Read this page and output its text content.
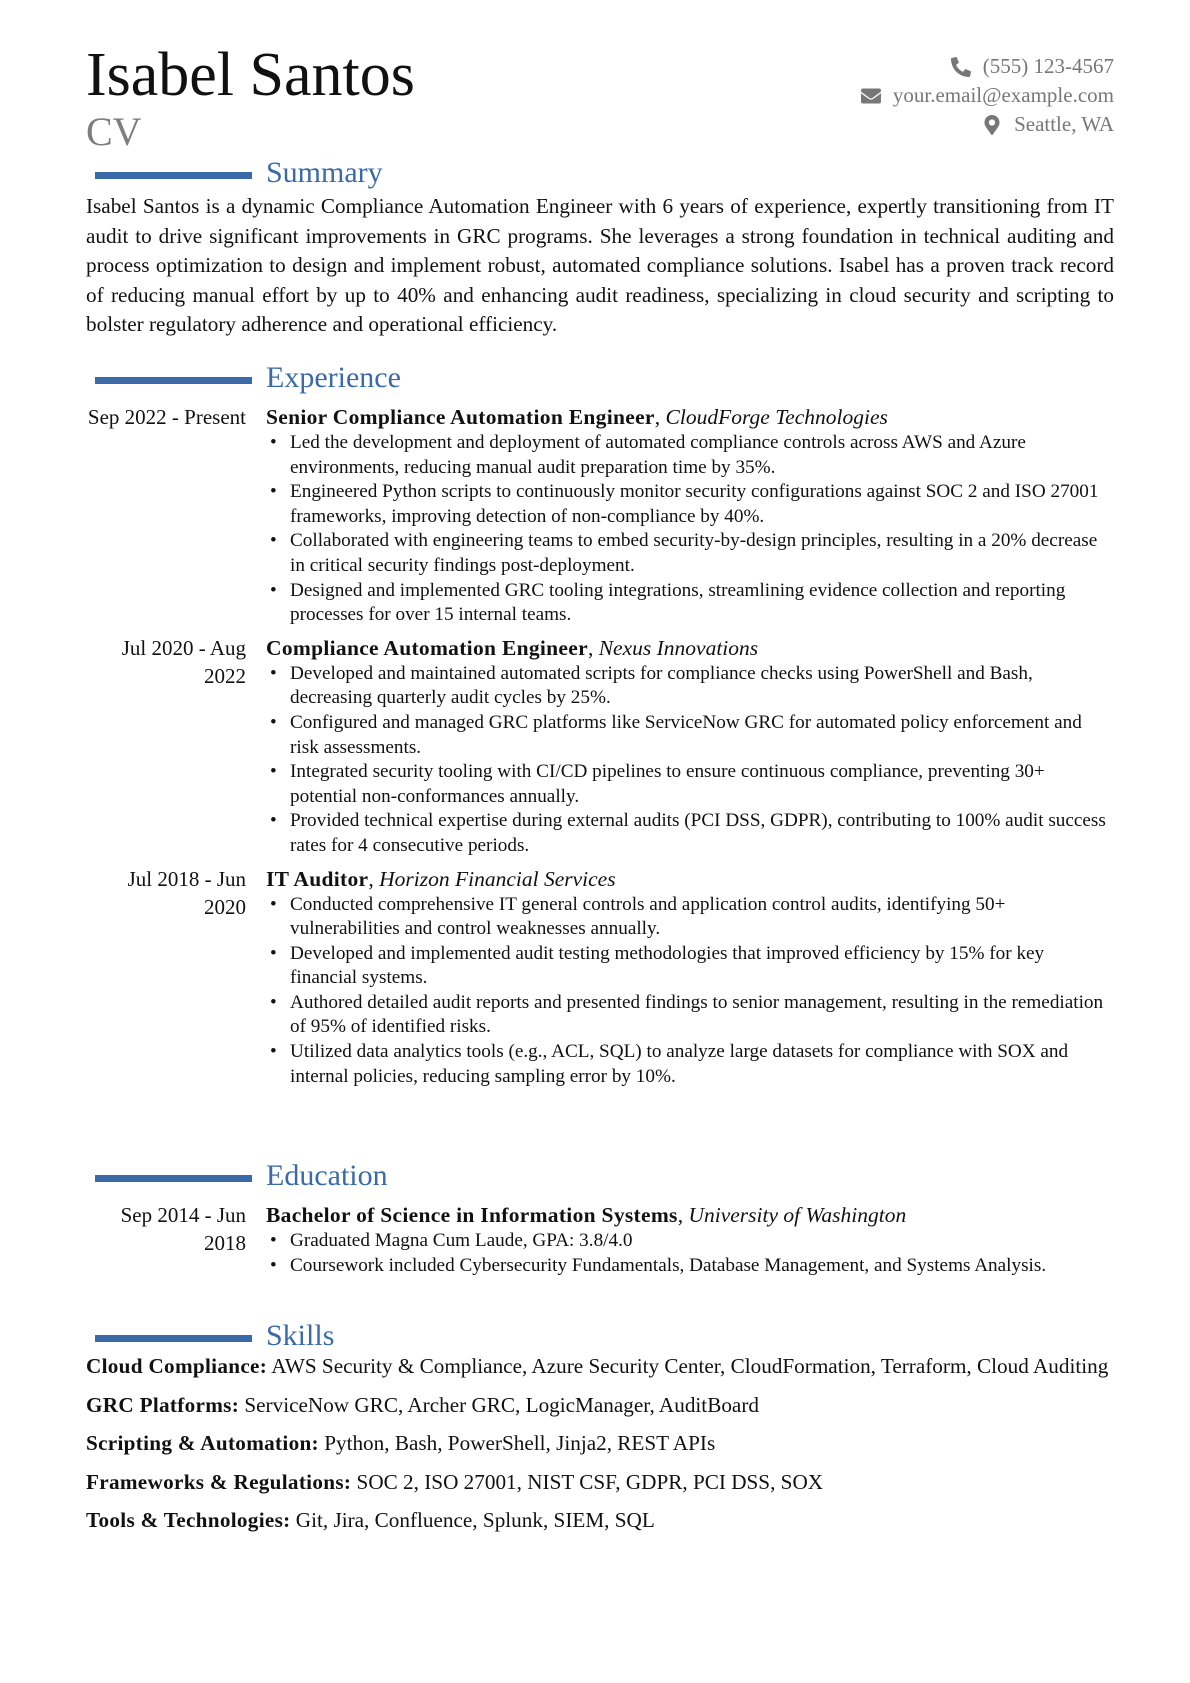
Isabel Santos
CV
(555) 123-4567
your.email@example.com
Seattle, WA
Summary

Isabel Santos is a dynamic Compliance Automation Engineer with 6 years of experience, expertly transitioning from IT audit to drive significant improvements in GRC programs. She leverages a strong foundation in technical auditing and process optimization to design and implement robust, automated compliance solutions. Isabel has a proven track record of reducing manual effort by up to 40% and enhancing audit readiness, specializing in cloud security and scripting to bolster regulatory adherence and operational efficiency.

Experience
Sep 2022 - Present Senior Compliance Automation Engineer, CloudForge Technologies
• Led the development and deployment of automated compliance controls across AWS and Azure environments, reducing manual audit preparation time by 35%.
• Engineered Python scripts to continuously monitor security configurations against SOC 2 and ISO 27001 frameworks, improving detection of non-compliance by 40%.
• Collaborated with engineering teams to embed security-by-design principles, resulting in a 20% decrease in critical security findings post-deployment.
• Designed and implemented GRC tooling integrations, streamlining evidence collection and reporting processes for over 15 internal teams.
Jul 2020 - Aug 2022
Compliance Automation Engineer, Nexus Innovations
• Developed and maintained automated scripts for compliance checks using PowerShell and Bash, decreasing quarterly audit cycles by 25%.
• Configured and managed GRC platforms like ServiceNow GRC for automated policy enforcement and risk assessments.
• Integrated security tooling with CI/CD pipelines to ensure continuous compliance, preventing 30+ potential non-conformances annually.
• Provided technical expertise during external audits (PCI DSS, GDPR), contributing to 100% audit success rates for 4 consecutive periods.
Jul 2018 - Jun 2020
IT Auditor, Horizon Financial Services
• Conducted comprehensive IT general controls and application control audits, identifying 50+ vulnerabilities and control weaknesses annually.
• Developed and implemented audit testing methodologies that improved efficiency by 15% for key financial systems.
• Authored detailed audit reports and presented findings to senior management, resulting in the remediation of 95% of identified risks.
• Utilized data analytics tools (e.g., ACL, SQL) to analyze large datasets for compliance with SOX and internal policies, reducing sampling error by 10%.
Education
Sep 2014 - Jun 2018
Bachelor of Science in Information Systems, University of Washington
• Graduated Magna Cum Laude, GPA: 3.8/4.0
• Coursework included Cybersecurity Fundamentals, Database Management, and Systems Analysis.
Skills
Cloud Compliance: AWS Security & Compliance, Azure Security Center, CloudFormation, Terraform, Cloud Auditing
GRC Platforms: ServiceNow GRC, Archer GRC, LogicManager, AuditBoard
Scripting & Automation: Python, Bash, PowerShell, Jinja2, REST APIs
Frameworks & Regulations: SOC 2, ISO 27001, NIST CSF, GDPR, PCI DSS, SOX
Tools & Technologies: Git, Jira, Confluence, Splunk, SIEM, SQL
